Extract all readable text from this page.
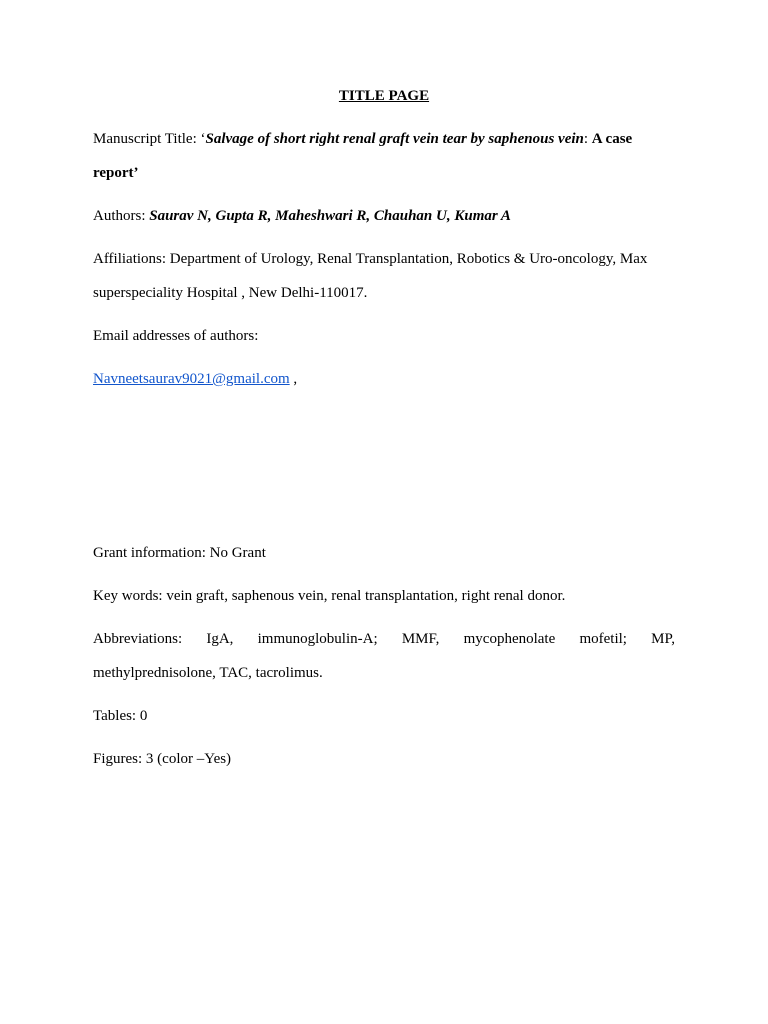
TITLE PAGE
Manuscript Title: ‘Salvage of short right renal graft vein tear by saphenous vein: A case
report’
Authors: Saurav N, Gupta R, Maheshwari R, Chauhan U, Kumar A
Affiliations: Department of Urology, Renal Transplantation, Robotics & Uro-oncology, Max
superspeciality Hospital , New Delhi-110017.
Email addresses of authors:
Navneetsaurav9021@gmail.com ,
Grant information: No Grant
Key words: vein graft, saphenous vein, renal transplantation, right renal donor.
Abbreviations: IgA, immunoglobulin-A; MMF, mycophenolate mofetil; MP,
methylprednisolone, TAC, tacrolimus.
Tables: 0
Figures: 3 (color –Yes)
